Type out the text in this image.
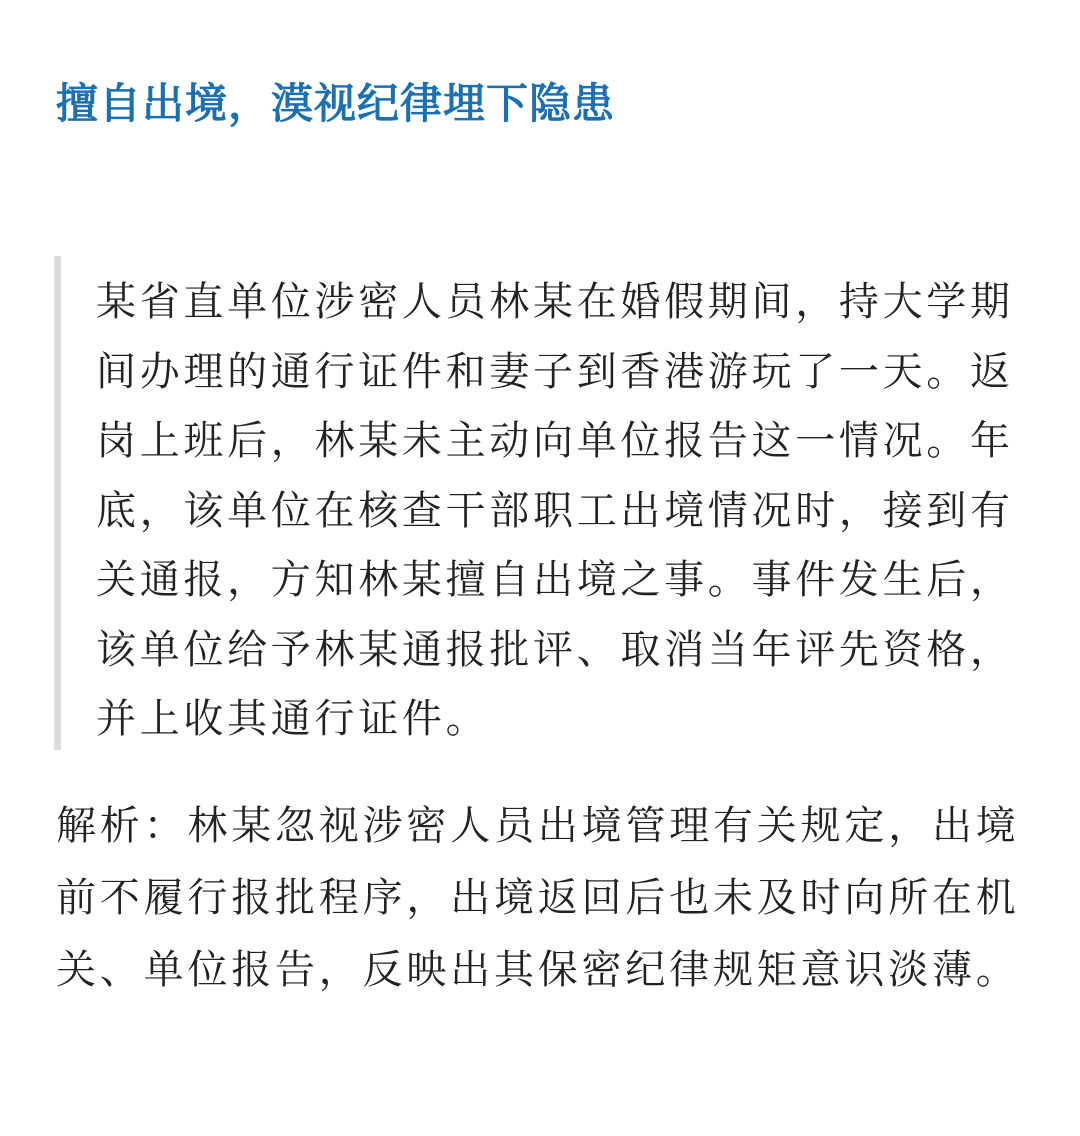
擅自出境，漠视纪律埋下隐患

某省直单位涉密人员林某在婚假期间，持大学期间办理的通行证件和妻子到香港游玩了一天。返岗上班后，林某未主动向单位报告这一情况。年底，该单位在核查干部职工出境情况时，接到有关通报，方知林某擅自出境之事。事件发生后，该单位给予林某通报批评、取消当年评先资格，并上收其通行证件。

解析：林某忽视涉密人员出境管理有关规定，出境前不履行报批程序，出境返回后也未及时向所在机关、单位报告，反映出其保密纪律规矩意识淡薄。
